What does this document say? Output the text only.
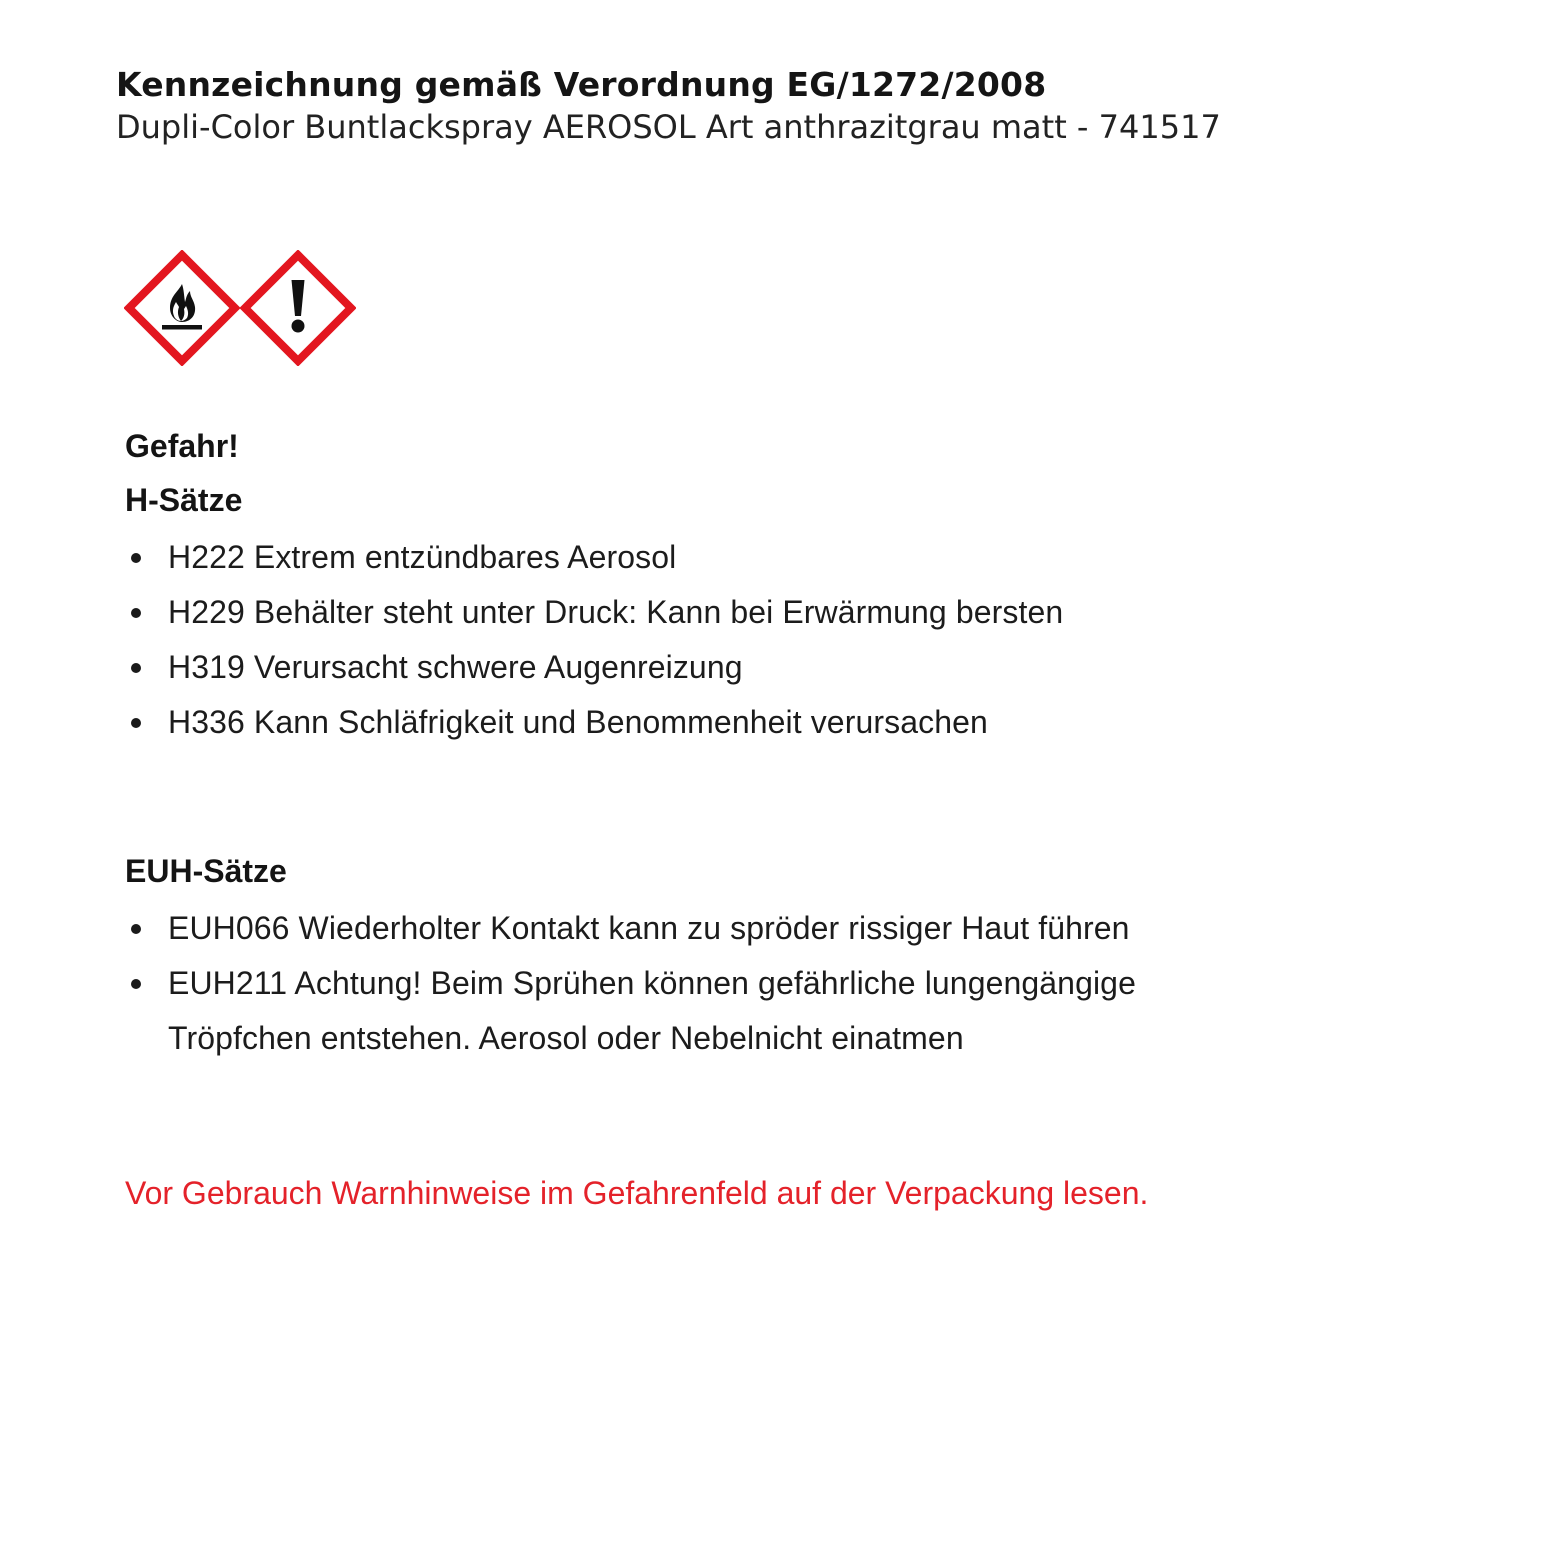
Kennzeichnung gemäß Verordnung EG/1272/2008

Dupli-Color Buntlackspray AEROSOL Art anthrazitgrau matt - 741517

Gefahr!

H-Sätze

H222 Extrem entzündbares Aerosol
H229 Behälter steht unter Druck: Kann bei Erwärmung bersten
H319 Verursacht schwere Augenreizung
H336 Kann Schläfrigkeit und Benommenheit verursachen

EUH-Sätze

EUH066 Wiederholter Kontakt kann zu spröder rissiger Haut führen
EUH211 Achtung! Beim Sprühen können gefährliche lungengängige Tröpfchen entstehen. Aerosol oder Nebelnicht einatmen

Vor Gebrauch Warnhinweise im Gefahrenfeld auf der Verpackung lesen.
